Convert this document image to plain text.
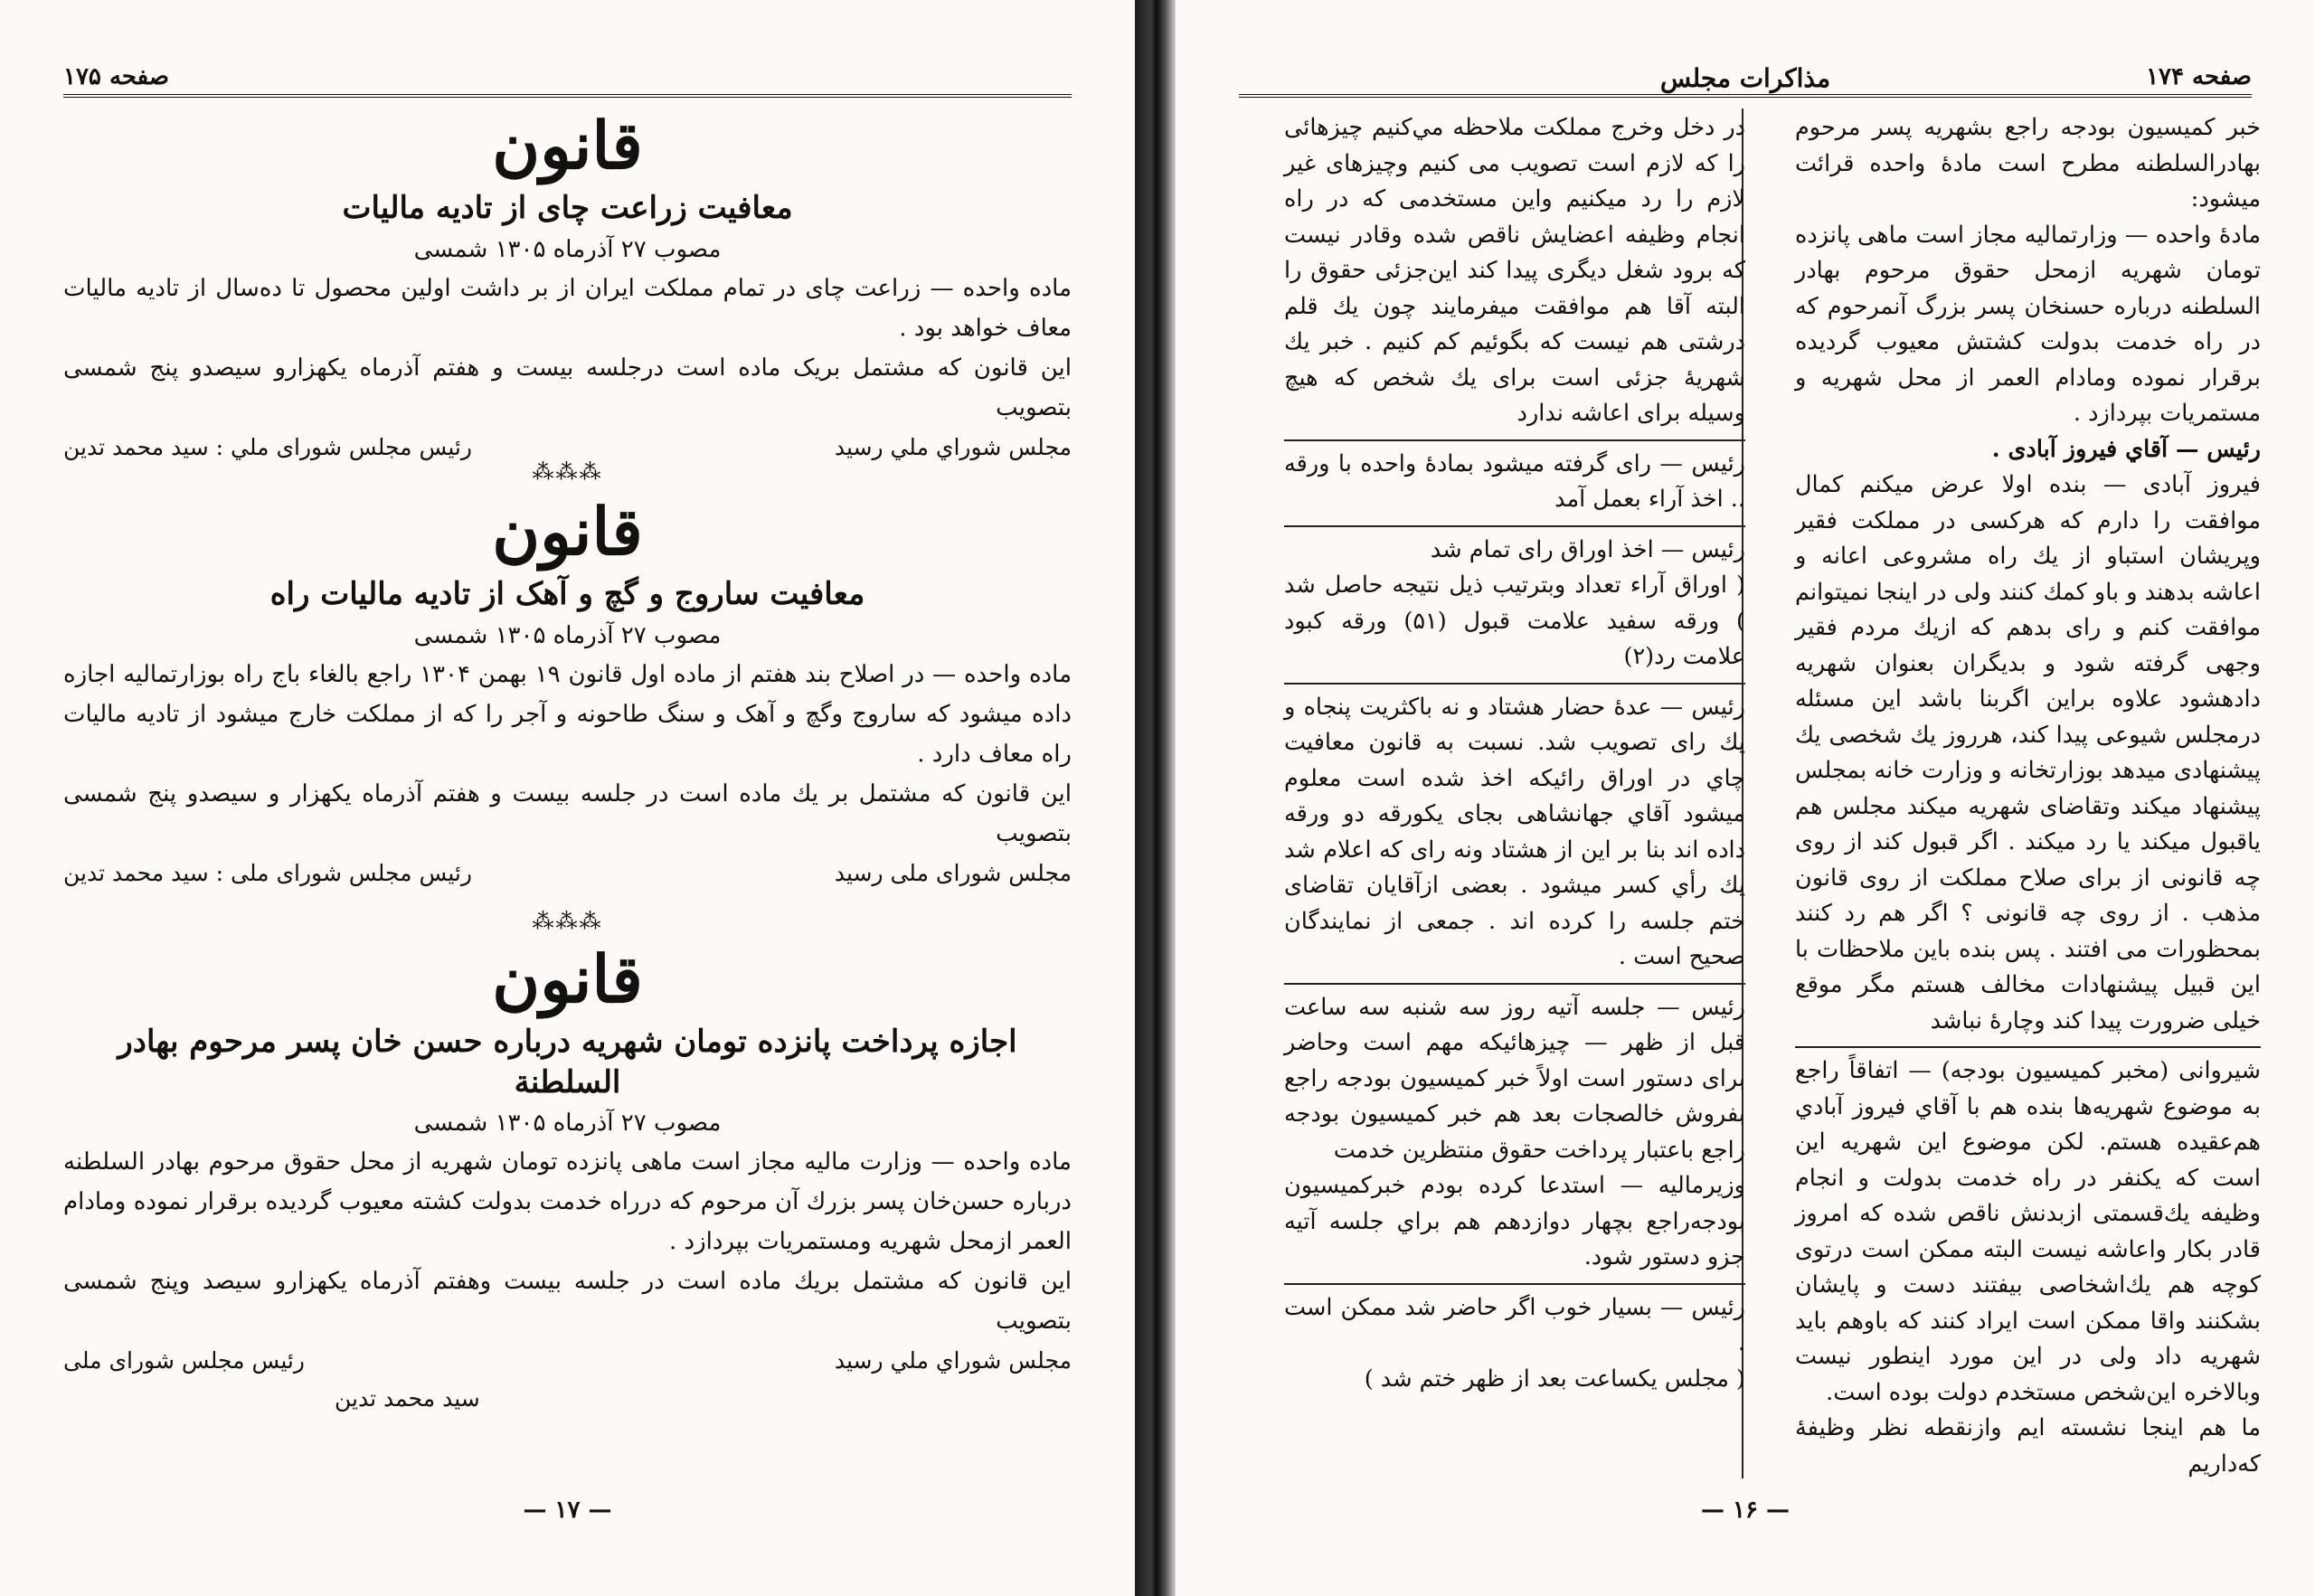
صفحه ۱۷۵
قانون
معافیت زراعت چای از تادیه مالیات
مصوب ۲۷ آذرماه ۱۳۰۵ شمسی

ماده واحده — زراعت چای در تمام مملکت ایران از بر داشت اولین محصول تا ده‌سال از تادیه مالیات معاف خواهد بود .

این قانون که مشتمل بریک ماده است درجلسه بیست و هفتم آذرماه یکهزارو سیصدو پنج شمسی بتصویب

مجلس شوراي ملي رسید
رئیس مجلس شورای ملي : سید محمد تدین
⁂⁂⁂
قانون
معافیت ساروج و گچ و آهک از تادیه مالیات راه
مصوب ۲۷ آذرماه ۱۳۰۵ شمسی

ماده واحده — در اصلاح بند هفتم از ماده اول قانون ۱۹ بهمن ۱۳۰۴ راجع بالغاء باج راه بوزارتمالیه اجازه داده میشود که ساروج وگچ و آهک و سنگ طاحونه و آجر را که از مملکت خارج میشود از تادیه مالیات راه معاف دارد .

این قانون که مشتمل بر یك ماده است در جلسه بیست و هفتم آذرماه یکهزار و سیصدو پنج شمسی بتصویب

مجلس شورای ملی رسید
رئیس مجلس شورای ملی : سید محمد تدین
⁂⁂⁂
قانون
اجازه پرداخت پانزده تومان شهریه درباره حسن خان پسر مرحوم بهادر السلطنة
مصوب ۲۷ آذرماه ۱۳۰۵ شمسی

ماده واحده — وزارت مالیه مجاز است ماهی پانزده تومان شهریه از محل حقوق مرحوم بهادر السلطنه درباره حسن‌خان پسر بزرك آن مرحوم که درراه خدمت بدولت کشته معیوب گردیده برقرار نموده ومادام العمر ازمحل شهریه ومستمریات بپردازد .

این قانون که مشتمل بریك ماده است در جلسه بیست وهفتم آذرماه یکهزارو سیصد وپنج شمسی بتصویب

مجلس شوراي ملي رسید
رئیس مجلس شورای ملی
سید محمد تدین
— ۱۷ —
مذاکرات مجلس	صفحه ۱۷۴

خبر کمیسیون بودجه راجع بشهریه پسر مرحوم بهادرالسلطنه مطرح است مادهٔ واحده قرائت میشود:

مادهٔ واحده — وزارتمالیه مجاز است ماهی پانزده تومان شهریه ازمحل حقوق مرحوم بهادر السلطنه درباره حسنخان پسر بزرگ آنمرحوم که در راه خدمت بدولت کشتش معیوب گردیده برقرار نموده ومادام العمر از محل شهریه و مستمریات بپردازد .

رئیس — آقاي فیروز آبادی .

فیروز آبادی — بنده اولا عرض میکنم کمال موافقت را دارم که هرکسی در مملکت فقیر وپریشان استباو از یك راه مشروعی اعانه و اعاشه بدهند و باو کمك کنند ولی در اینجا نمیتوانم موافقت کنم و رای بدهم که ازیك مردم فقیر وجهی گرفته شود و بدیگران بعنوان شهریه دادهشود علاوه براین اگربنا باشد این مسئله درمجلس شیوعی پیدا کند، هرروز یك شخصی یك پیشنهادی میدهد بوزارتخانه و وزارت خانه بمجلس پیشنهاد میکند وتقاضای شهریه میکند مجلس هم یاقبول میکند یا رد میکند . اگر قبول کند از روی چه قانونی از برای صلاح مملکت از روی قانون مذهب . از روی چه قانونی ؟ اگر هم رد کنند بمحظورات می افتند . پس بنده باین ملاحظات با این قبیل پیشنهادات مخالف هستم مگر موقع خیلی ضرورت پیدا کند وچارهٔ نباشد

شیروانی (مخبر کمیسیون بودجه) — اتفاقاً راجع به موضوع شهریه‌ها بنده هم با آقاي فیروز آبادي هم‌عقیده هستم. لکن موضوع این شهریه این است که یکنفر در راه خدمت بدولت و انجام وظیفه یك‌قسمتی ازبدنش ناقص شده که امروز قادر بکار واعاشه نیست البته ممکن است درتوی کوچه هم یك‌اشخاصی بیفتند دست و پایشان بشکنند واقا ممکن است ایراد کنند که باوهم باید شهریه داد ولی در این مورد اینطور نیست وبالاخره این‌شخص مستخدم دولت بوده است.

ما هم اینجا نشسته ایم وازنقطه نظر وظیفهٔ که‌داریم

در دخل وخرج مملکت ملاحظه مي‌کنیم چیزهائی را که لازم است تصویب می کنیم وچیزهای غیر لازم را رد میکنیم واین مستخدمی که در راه انجام وظیفه اعضایش ناقص شده وقادر نیست که برود شغل دیگری پیدا کند این‌جزئی حقوق را البته آقا هم موافقت میفرمایند چون یك قلم درشتی هم نیست که بگوئیم کم کنیم . خبر یك شهریهٔ جزئی است برای یك شخص که هیچ وسیله برای اعاشه ندارد

رئیس — رای گرفته میشود بمادهٔ واحده با ورقه .. اخذ آراء بعمل آمد

رئیس — اخذ اوراق رای تمام شد

( اوراق آراء تعداد وبترتیب ذیل نتیجه حاصل شد ) ورقه سفید علامت قبول (۵۱) ورقه کبود علامت رد(۲)

رئیس — عدهٔ حضار هشتاد و نه باکثریت پنجاه و یك رای تصویب شد. نسبت به قانون معافیت چاي در اوراق رائیکه اخذ شده است معلوم میشود آقاي جهانشاهی بجای یکورقه دو ورقه داده اند بنا بر این از هشتاد ونه رای که اعلام شد یك رأي کسر میشود . بعضی ازآقایان تقاضای ختم جلسه را کرده اند . جمعی از نمایندگان صحیح است .

رئیس — جلسه آتیه روز سه شنبه سه ساعت قبل از ظهر — چیزهائیکه مهم است وحاضر برای دستور است اولاً خبر کمیسیون بودجه راجع بفروش خالصجات بعد هم خبر کمیسیون بودجه راجع باعتبار پرداخت حقوق منتظرین خدمت

وزیرمالیه — استدعا کرده بودم خبرکمیسیون بودجه‌راجع بچهار دوازدهم هم براي جلسه آتیه جزو دستور شود.

رئیس — بسیار خوب اگر حاضر شد ممکن است .

( مجلس یکساعت بعد از ظهر ختم شد )

— ۱۶ —
